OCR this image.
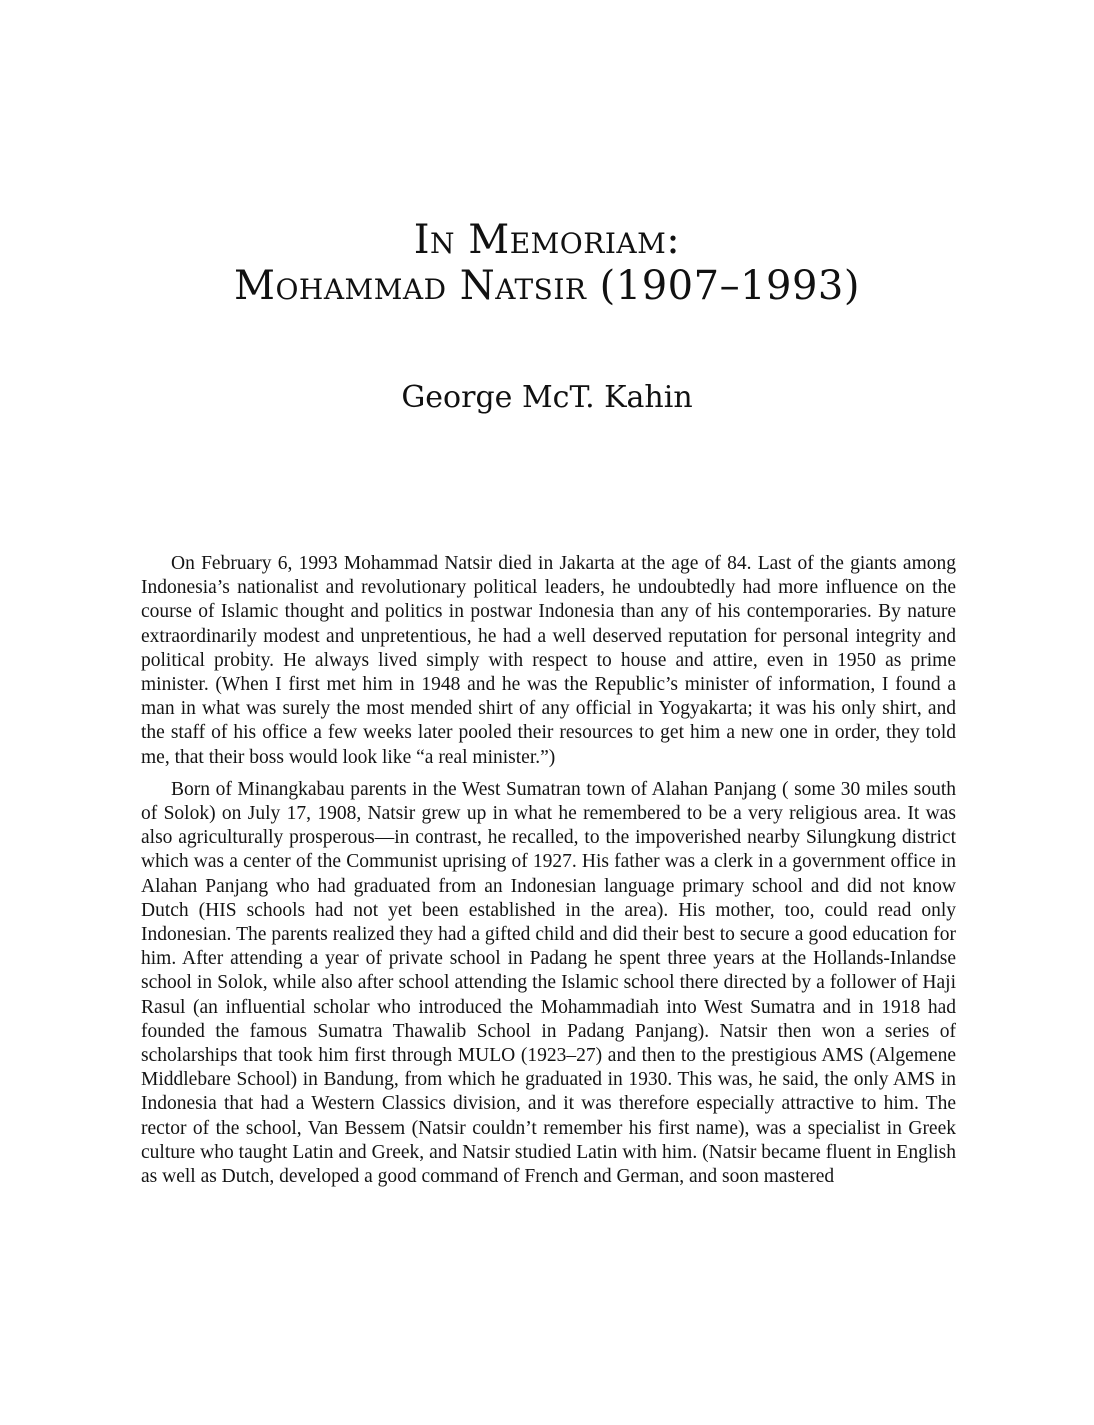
In Memoriam:
Mohammad Natsir (1907–1993)
George McT. Kahin

On February 6, 1993 Mohammad Natsir died in Jakarta at the age of 84. Last of the giants among Indonesia’s nationalist and revolutionary political leaders, he undoubtedly had more influence on the course of Islamic thought and politics in postwar Indonesia than any of his contemporaries. By nature extraordinarily modest and unpretentious, he had a well deserved reputation for personal integrity and political probity. He always lived simply with respect to house and attire, even in 1950 as prime minister. (When I first met him in 1948 and he was the Republic’s minister of information, I found a man in what was surely the most mended shirt of any official in Yogyakarta; it was his only shirt, and the staff of his office a few weeks later pooled their resources to get him a new one in order, they told me, that their boss would look like “a real minister.”)

Born of Minangkabau parents in the West Sumatran town of Alahan Panjang ( some 30 miles south of Solok) on July 17, 1908, Natsir grew up in what he remembered to be a very religious area. It was also agriculturally prosperous—in contrast, he recalled, to the impoverished nearby Silungkung district which was a center of the Communist uprising of 1927. His father was a clerk in a government office in Alahan Panjang who had graduated from an Indonesian language primary school and did not know Dutch (HIS schools had not yet been established in the area). His mother, too, could read only Indonesian. The parents realized they had a gifted child and did their best to secure a good education for him. After attending a year of private school in Padang he spent three years at the Hollands-Inlandse school in Solok, while also after school attending the Islamic school there directed by a follower of Haji Rasul (an influential scholar who introduced the Mohammadiah into West Sumatra and in 1918 had founded the famous Sumatra Thawalib School in Padang Panjang). Natsir then won a series of scholarships that took him first through MULO (1923–27) and then to the prestigious AMS (Algemene Middlebare School) in Bandung, from which he graduated in 1930. This was, he said, the only AMS in Indonesia that had a Western Classics division, and it was therefore especially attractive to him. The rector of the school, Van Bessem (Natsir couldn’t remember his first name), was a specialist in Greek culture who taught Latin and Greek, and Natsir studied Latin with him. (Natsir became fluent in English as well as Dutch, developed a good command of French and German, and soon mastered
